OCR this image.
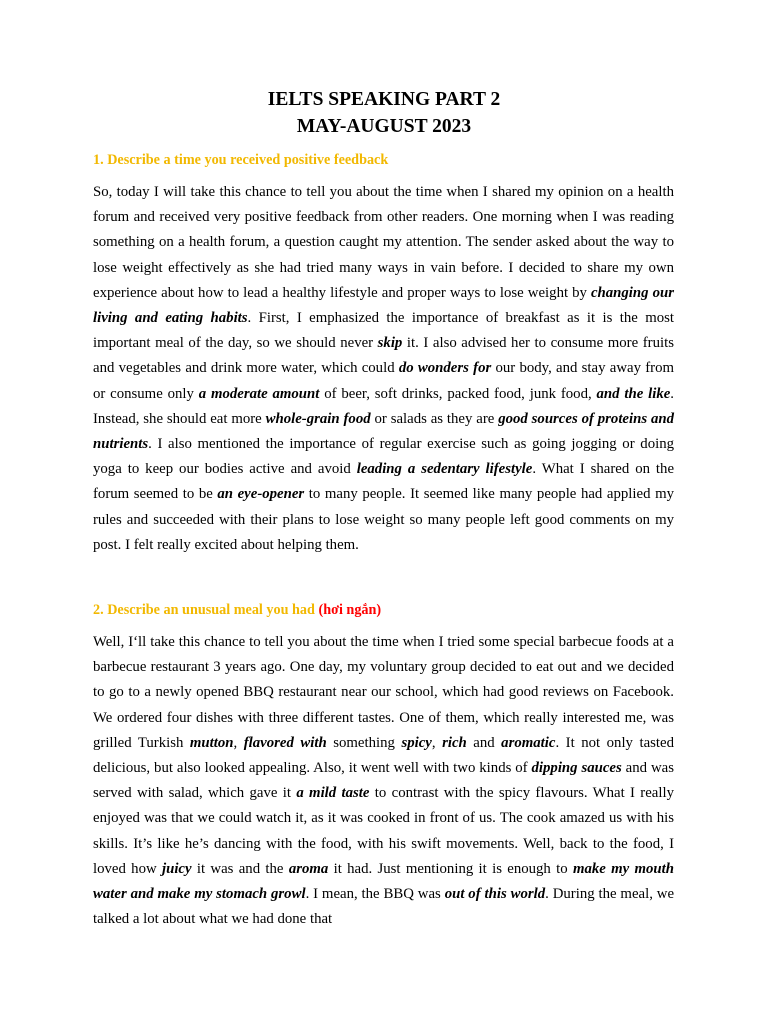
IELTS SPEAKING PART 2

MAY-AUGUST 2023

1. Describe a time you received positive feedback

So, today I will take this chance to tell you about the time when I shared my opinion on a health forum and received very positive feedback from other readers. One morning when I was reading something on a health forum, a question caught my attention. The sender asked about the way to lose weight effectively as she had tried many ways in vain before. I decided to share my own experience about how to lead a healthy lifestyle and proper ways to lose weight by changing our living and eating habits. First, I emphasized the importance of breakfast as it is the most important meal of the day, so we should never skip it. I also advised her to consume more fruits and vegetables and drink more water, which could do wonders for our body, and stay away from or consume only a moderate amount of beer, soft drinks, packed food, junk food, and the like. Instead, she should eat more whole-grain food or salads as they are good sources of proteins and nutrients. I also mentioned the importance of regular exercise such as going jogging or doing yoga to keep our bodies active and avoid leading a sedentary lifestyle. What I shared on the forum seemed to be an eye-opener to many people. It seemed like many people had applied my rules and succeeded with their plans to lose weight so many people left good comments on my post. I felt really excited about helping them.

2. Describe an unusual meal you had (hơi ngắn)

Well, I‘ll take this chance to tell you about the time when I tried some special barbecue foods at a barbecue restaurant 3 years ago. One day, my voluntary group decided to eat out and we decided to go to a newly opened BBQ restaurant near our school, which had good reviews on Facebook. We ordered four dishes with three different tastes. One of them, which really interested me, was grilled Turkish mutton, flavored with something spicy, rich and aromatic. It not only tasted delicious, but also looked appealing. Also, it went well with two kinds of dipping sauces and was served with salad, which gave it a mild taste to contrast with the spicy flavours. What I really enjoyed was that we could watch it, as it was cooked in front of us. The cook amazed us with his skills. It’s like he’s dancing with the food, with his swift movements. Well, back to the food, I loved how juicy it was and the aroma it had. Just mentioning it is enough to make my mouth water and make my stomach growl. I mean, the BBQ was out of this world. During the meal, we talked a lot about what we had done that
